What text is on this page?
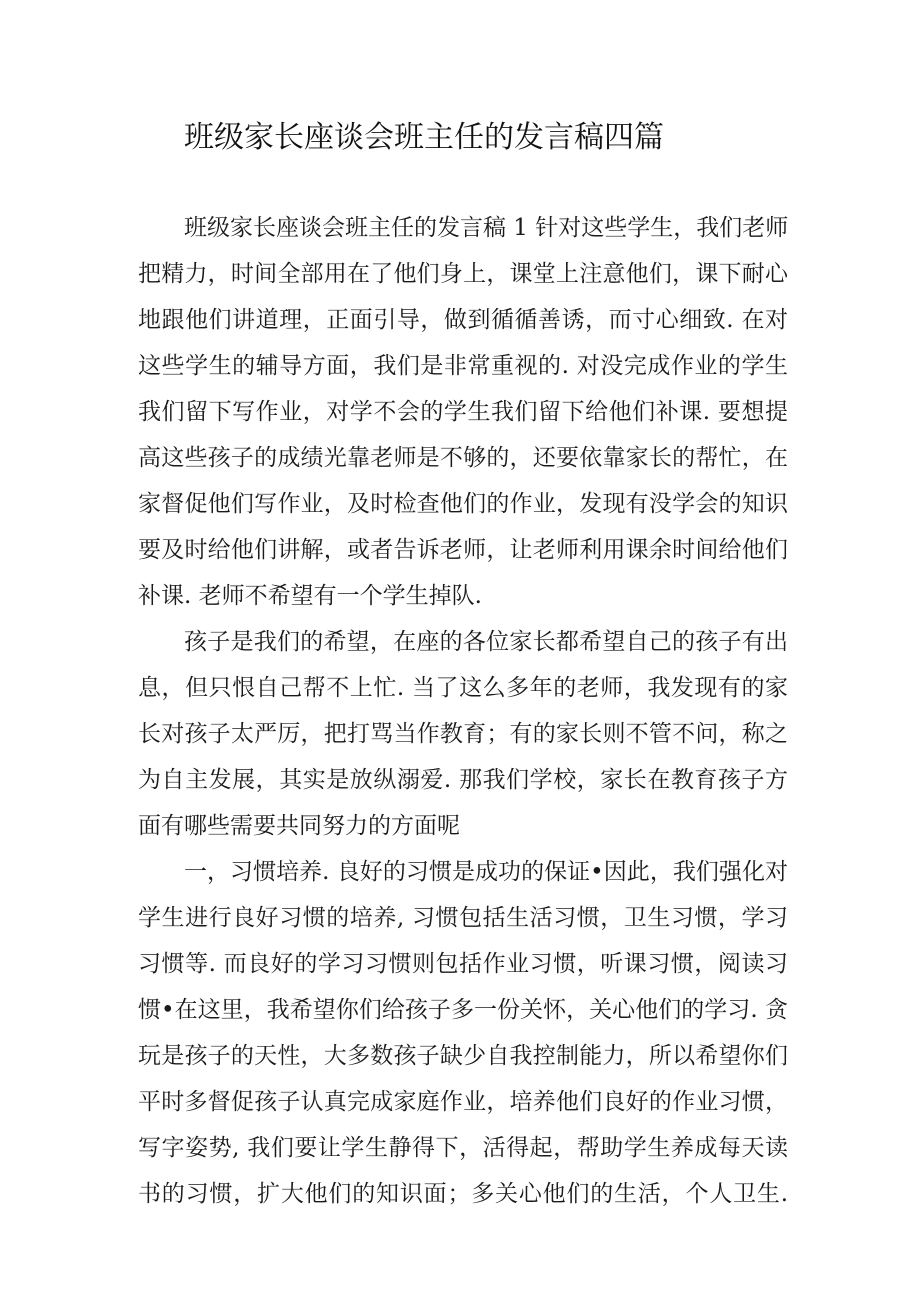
班级家长座谈会班主任的发言稿四篇
班级家长座谈会班主任的发言稿 1 针对这些学生，我们老师
把精力，时间全部用在了他们身上，课堂上注意他们，课下耐心
地跟他们讲道理，正面引导，做到循循善诱，而寸心细致. 在对
这些学生的辅导方面，我们是非常重视的. 对没完成作业的学生
我们留下写作业，对学不会的学生我们留下给他们补课. 要想提
高这些孩子的成绩光靠老师是不够的，还要依靠家长的帮忙，在
家督促他们写作业，及时检查他们的作业，发现有没学会的知识
要及时给他们讲解，或者告诉老师，让老师利用课余时间给他们
补课. 老师不希望有一个学生掉队.
孩子是我们的希望，在座的各位家长都希望自己的孩子有出
息，但只恨自己帮不上忙. 当了这么多年的老师，我发现有的家
长对孩子太严厉，把打骂当作教育；有的家长则不管不问，称之
为自主发展，其实是放纵溺爱. 那我们学校，家长在教育孩子方
面有哪些需要共同努力的方面呢
一，习惯培养. 良好的习惯是成功的保证•因此，我们强化对
学生进行良好习惯的培养, 习惯包括生活习惯，卫生习惯，学习
习惯等. 而良好的学习习惯则包括作业习惯，听课习惯，阅读习
惯•在这里，我希望你们给孩子多一份关怀，关心他们的学习. 贪
玩是孩子的天性，大多数孩子缺少自我控制能力，所以希望你们
平时多督促孩子认真完成家庭作业，培养他们良好的作业习惯，
写字姿势, 我们要让学生静得下，活得起，帮助学生养成每天读
书的习惯，扩大他们的知识面；多关心他们的生活，个人卫生.
